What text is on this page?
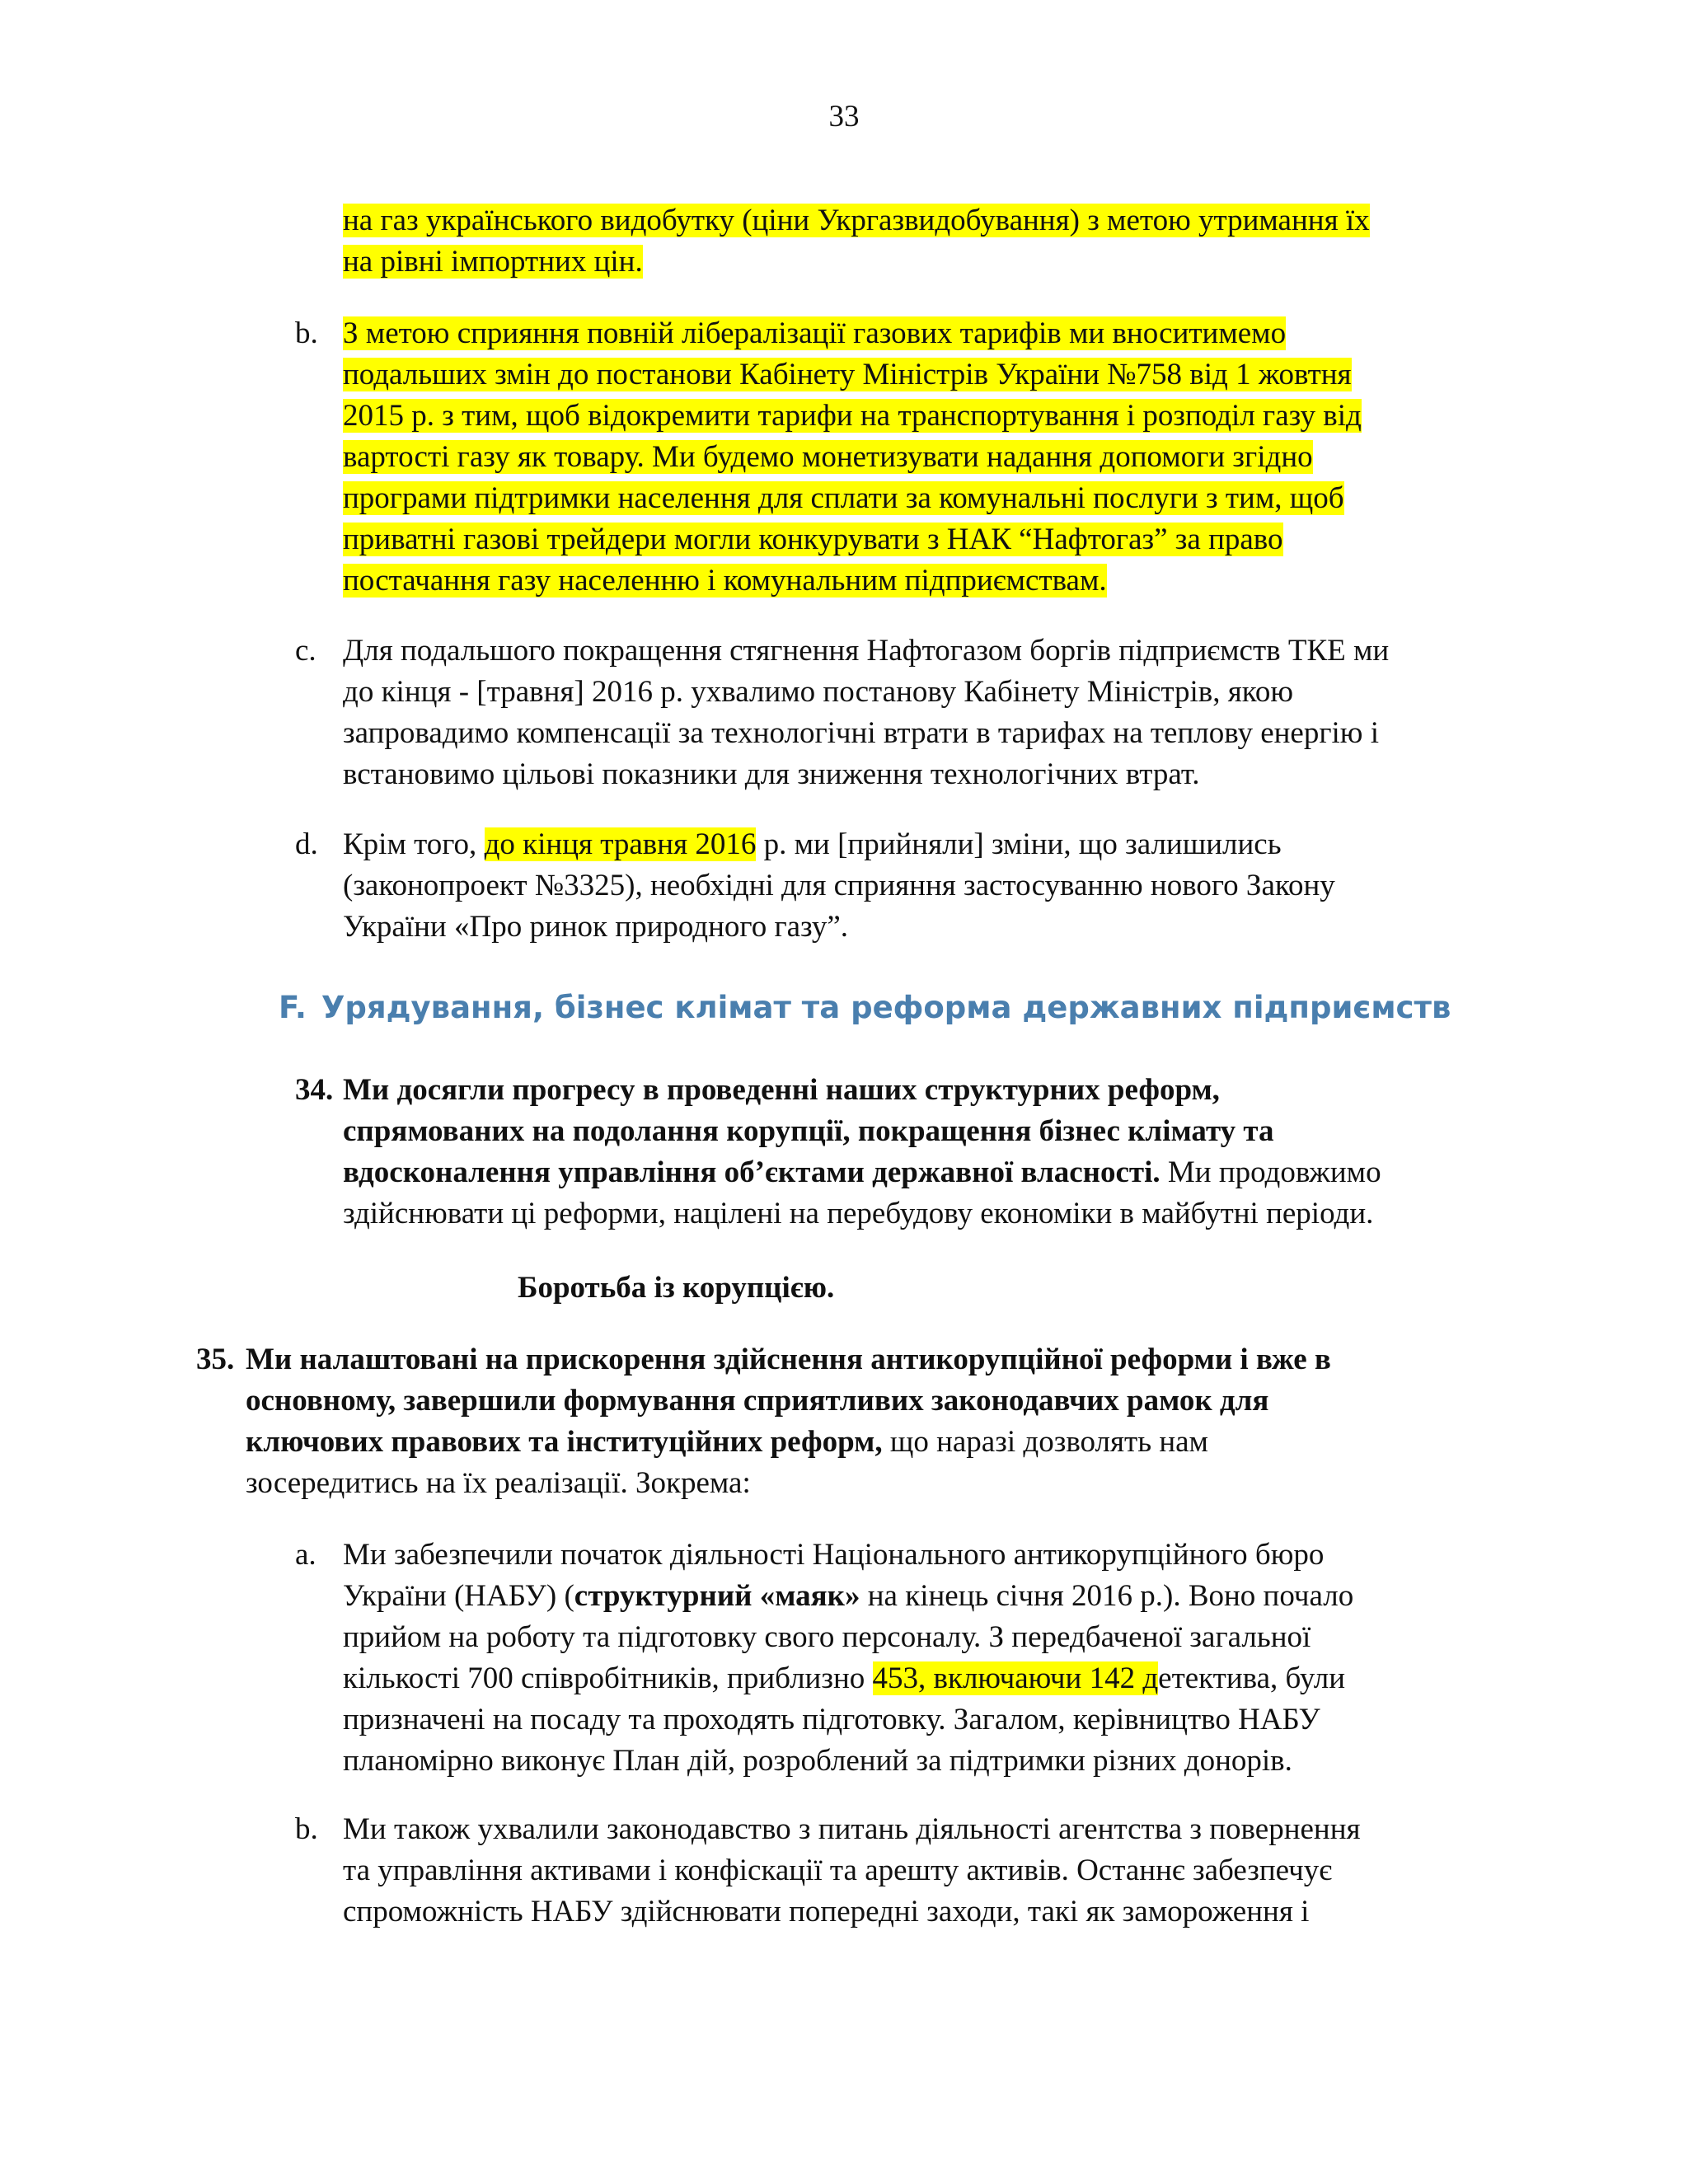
33
на газ українського видобутку (ціни Укргазвидобування) з метою утримання їх
на рівні імпортних цін.
b. З метою сприяння повній лібералізації газових тарифів ми вноситимемо
подальших змін до постанови Кабінету Міністрів України №758 від 1 жовтня
2015 р. з тим, щоб відокремити тарифи на транспортування і розподіл газу від
вартості газу як товару. Ми будемо монетизувати надання допомоги згідно
програми підтримки населення для сплати за комунальні послуги з тим, щоб
приватні газові трейдери могли конкурувати з НАК “Нафтогаз” за право
постачання газу населенню і комунальним підприємствам.
c. Для подальшого покращення стягнення Нафтогазом боргів підприємств ТКЕ ми
до кінця - [травня] 2016 р. ухвалимо постанову Кабінету Міністрів, якою
запровадимо компенсації за технологічні втрати в тарифах на теплову енергію і
встановимо цільові показники для зниження технологічних втрат.
d. Крім того, до кінця травня 2016 р. ми [прийняли] зміни, що залишились
(законопроект №3325), необхідні для сприяння застосуванню нового Закону
України «Про ринок природного газу”.
F. Урядування, бізнес клімат та реформа державних підприємств
34. Ми досягли прогресу в проведенні наших структурних реформ,
спрямованих на подолання корупції, покращення бізнес клімату та
вдосконалення управління об’єктами державної власності. Ми продовжимо
здійснювати ці реформи, націлені на перебудову економіки в майбутні періоди.
Боротьба із корупцією.
35. Ми налаштовані на прискорення здійснення антикорупційної реформи і вже в
основному, завершили формування сприятливих законодавчих рамок для
ключових правових та інституційних реформ, що наразі дозволять нам
зосередитись на їх реалізації. Зокрема:
a. Ми забезпечили початок діяльності Національного антикорупційного бюро
України (НАБУ) (структурний «маяк» на кінець січня 2016 р.). Воно почало
прийом на роботу та підготовку свого персоналу. З передбаченої загальної
кількості 700 співробітників, приблизно 453, включаючи 142 детектива, були
призначені на посаду та проходять підготовку. Загалом, керівництво НАБУ
планомірно виконує План дій, розроблений за підтримки різних донорів.
b. Ми також ухвалили законодавство з питань діяльності агентства з повернення
та управління активами і конфіскації та арешту активів. Останнє забезпечує
спроможність НАБУ здійснювати попередні заходи, такі як замороження і
